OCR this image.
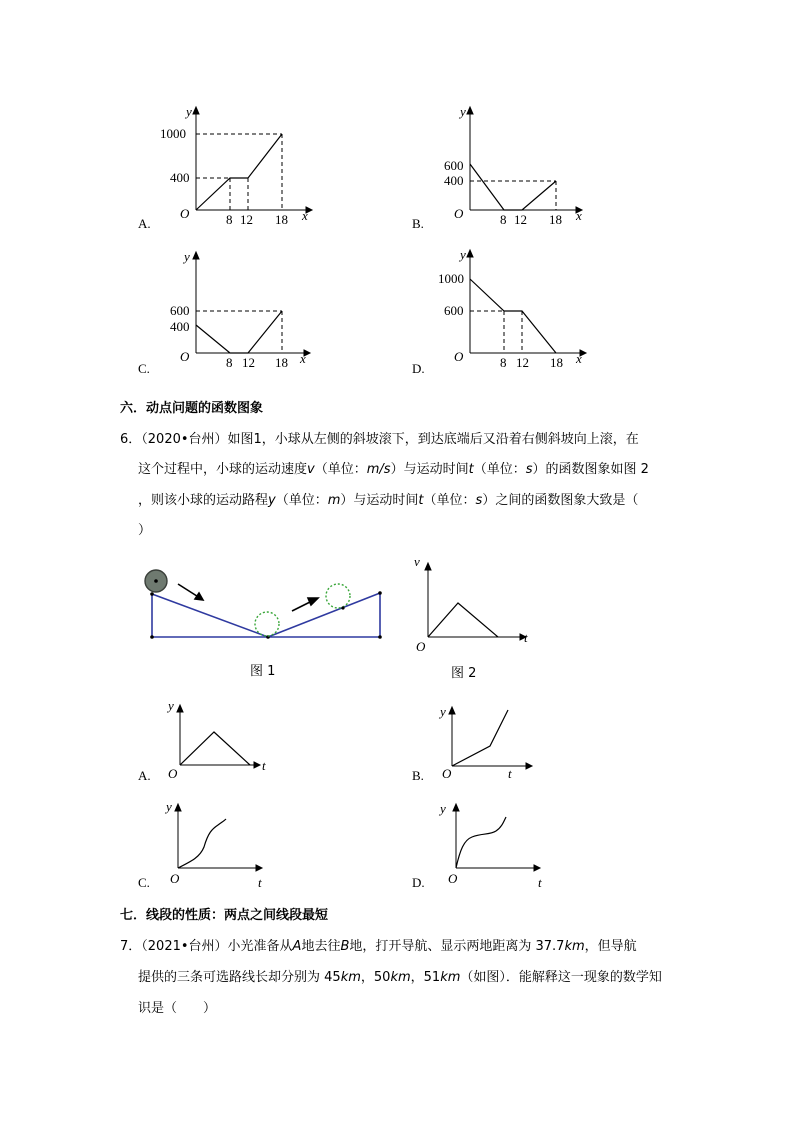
y
1000
400
O	8 12 18 x
A.
y
600
400
O	8 12 18 x
B.
y
600
400
O	8 12 18 x
C.
y
1000
600
O	8 12 18 x
D.
六．动点问题的函数图象
6．（2020•台州）如图1，小球从左侧的斜坡滚下，到达底端后又沿着右侧斜坡向上滚，在
这个过程中，小球的运动速度v（单位：m/s）与运动时间t（单位：s）的函数图象如图 2
，则该小球的运动路程y（单位：m）与运动时间t（单位：s）之间的函数图象大致是（
）
图 1
v
O
t
图 2
y
O
t
A.
y
O	t
B.
y
O	t
C.
y
O	t
D.
七．线段的性质：两点之间线段最短
7．（2021•台州）小光准备从A地去往B地，打开导航、显示两地距离为 37.7km，但导航
提供的三条可选路线长却分别为 45km，50km，51km（如图）．能解释这一现象的数学知
识是（　　）
